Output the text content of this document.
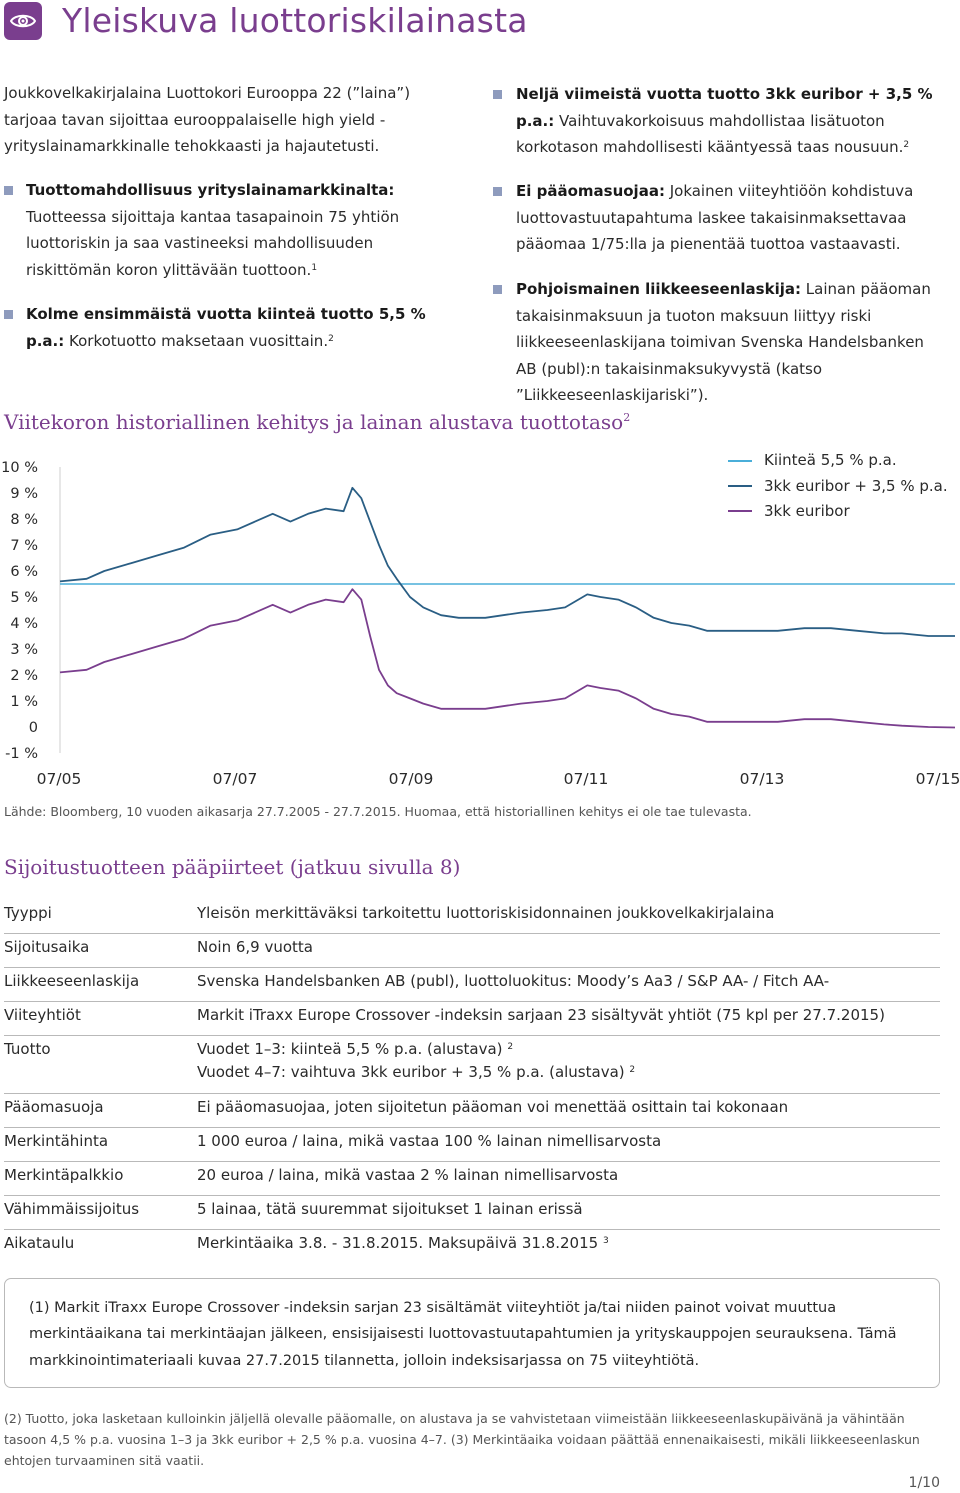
Yleiskuva luottoriskilainasta
Joukkovelkakirjalaina Luottokori Eurooppa 22 (”laina”) tarjoaa tavan sijoittaa eurooppalaiselle high yield -yrityslainamarkkinalle tehokkaasti ja hajautetusti.
Tuottomahdollisuus yrityslainamarkkinalta: Tuotteessa sijoittaja kantaa tasapainoin 75 yhtiön luottoriskin ja saa vastineeksi mahdollisuuden riskittömän koron ylittävään tuottoon.$^1$
Kolme ensimmäistä vuotta kiinteä tuotto 5,5 % p.a.: Korkotuotto maksetaan vuosittain.$^2$
Neljä viimeistä vuotta tuotto 3kk euribor + 3,5 % p.a.: Vaihtuvakorkoisuus mahdollistaa lisätuoton korkotason mahdollisesti kääntyessä taas nousuun.$^2$
Ei pääomasuojaa: Jokainen viiteyhtiöön kohdistuva luottovastuutapahtuma laskee takaisinmaksettavaa pääomaa 1/75:lla ja pienentää tuottoa vastaavasti.
Pohjoismainen liikkeeseenlaskija: Lainan pääoman takaisinmaksuun ja tuoton maksuun liittyy riski liikkeeseenlaskijana toimivan Svenska Handelsbanken AB (publ):n takaisinmaksukyvystä (katso ”Liikkeeseenlaskijariski”).
Viitekoron historiallinen kehitys ja lainan alustava tuottotaso$^2$
10 %
9 %
8 %
7 %
6 %
5 %
4 %
3 %
2 %
1 %
0
-1 %
07/05	07/07	07/09	07/11	07/13	07/15
Kiinteä 5,5 % p.a.
3kk euribor + 3,5 % p.a.
3kk euribor
Lähde: Bloomberg, 10 vuoden aikasarja 27.7.2005 - 27.7.2015. Huomaa, että historiallinen kehitys ei ole tae tulevasta.
Sijoitustuotteen pääpiirteet (jatkuu sivulla 8)
Tyyppi	Yleisön merkittäväksi tarkoitettu luottoriskisidonnainen joukkovelkakirjalaina
Sijoitusaika	Noin 6,9 vuotta
Liikkeeseenlaskija	Svenska Handelsbanken AB (publ), luottoluokitus: Moody’s Aa3 / S&P AA- / Fitch AA-
Viiteyhtiöt	Markit iTraxx Europe Crossover -indeksin sarjaan 23 sisältyvät yhtiöt (75 kpl per 27.7.2015)
Tuotto	Vuodet 1–3: kiinteä 5,5 % p.a. (alustava) $^2$
Vuodet 4–7: vaihtuva 3kk euribor + 3,5 % p.a. (alustava) $^2$
Pääomasuoja	Ei pääomasuojaa, joten sijoitetun pääoman voi menettää osittain tai kokonaan
Merkintähinta	1 000 euroa / laina, mikä vastaa 100 % lainan nimellisarvosta
Merkintäpalkkio	20 euroa / laina, mikä vastaa 2 % lainan nimellisarvosta
Vähimmäissijoitus	5 lainaa, tätä suuremmat sijoitukset 1 lainan erissä
Aikataulu	Merkintäaika 3.8. - 31.8.2015. Maksupäivä 31.8.2015 $^3$
(1) Markit iTraxx Europe Crossover -indeksin sarjan 23 sisältämät viiteyhtiöt ja/tai niiden painot voivat muuttua merkintäaikana tai merkintäajan jälkeen, ensisijaisesti luottovastuutapahtumien ja yrityskauppojen seurauksena. Tämä markkinointimateriaali kuvaa 27.7.2015 tilannetta, jolloin indeksisarjassa on 75 viiteyhtiötä.
(2) Tuotto, joka lasketaan kulloinkin jäljellä olevalle pääomalle, on alustava ja se vahvistetaan viimeistään liikkeeseenlaskupäivänä ja vähintään tasoon 4,5 % p.a. vuosina 1–3 ja 3kk euribor + 2,5 % p.a. vuosina 4–7. (3) Merkintäaika voidaan päättää ennenaikaisesti, mikäli liikkeeseenlaskun ehtojen turvaaminen sitä vaatii.
1/10
